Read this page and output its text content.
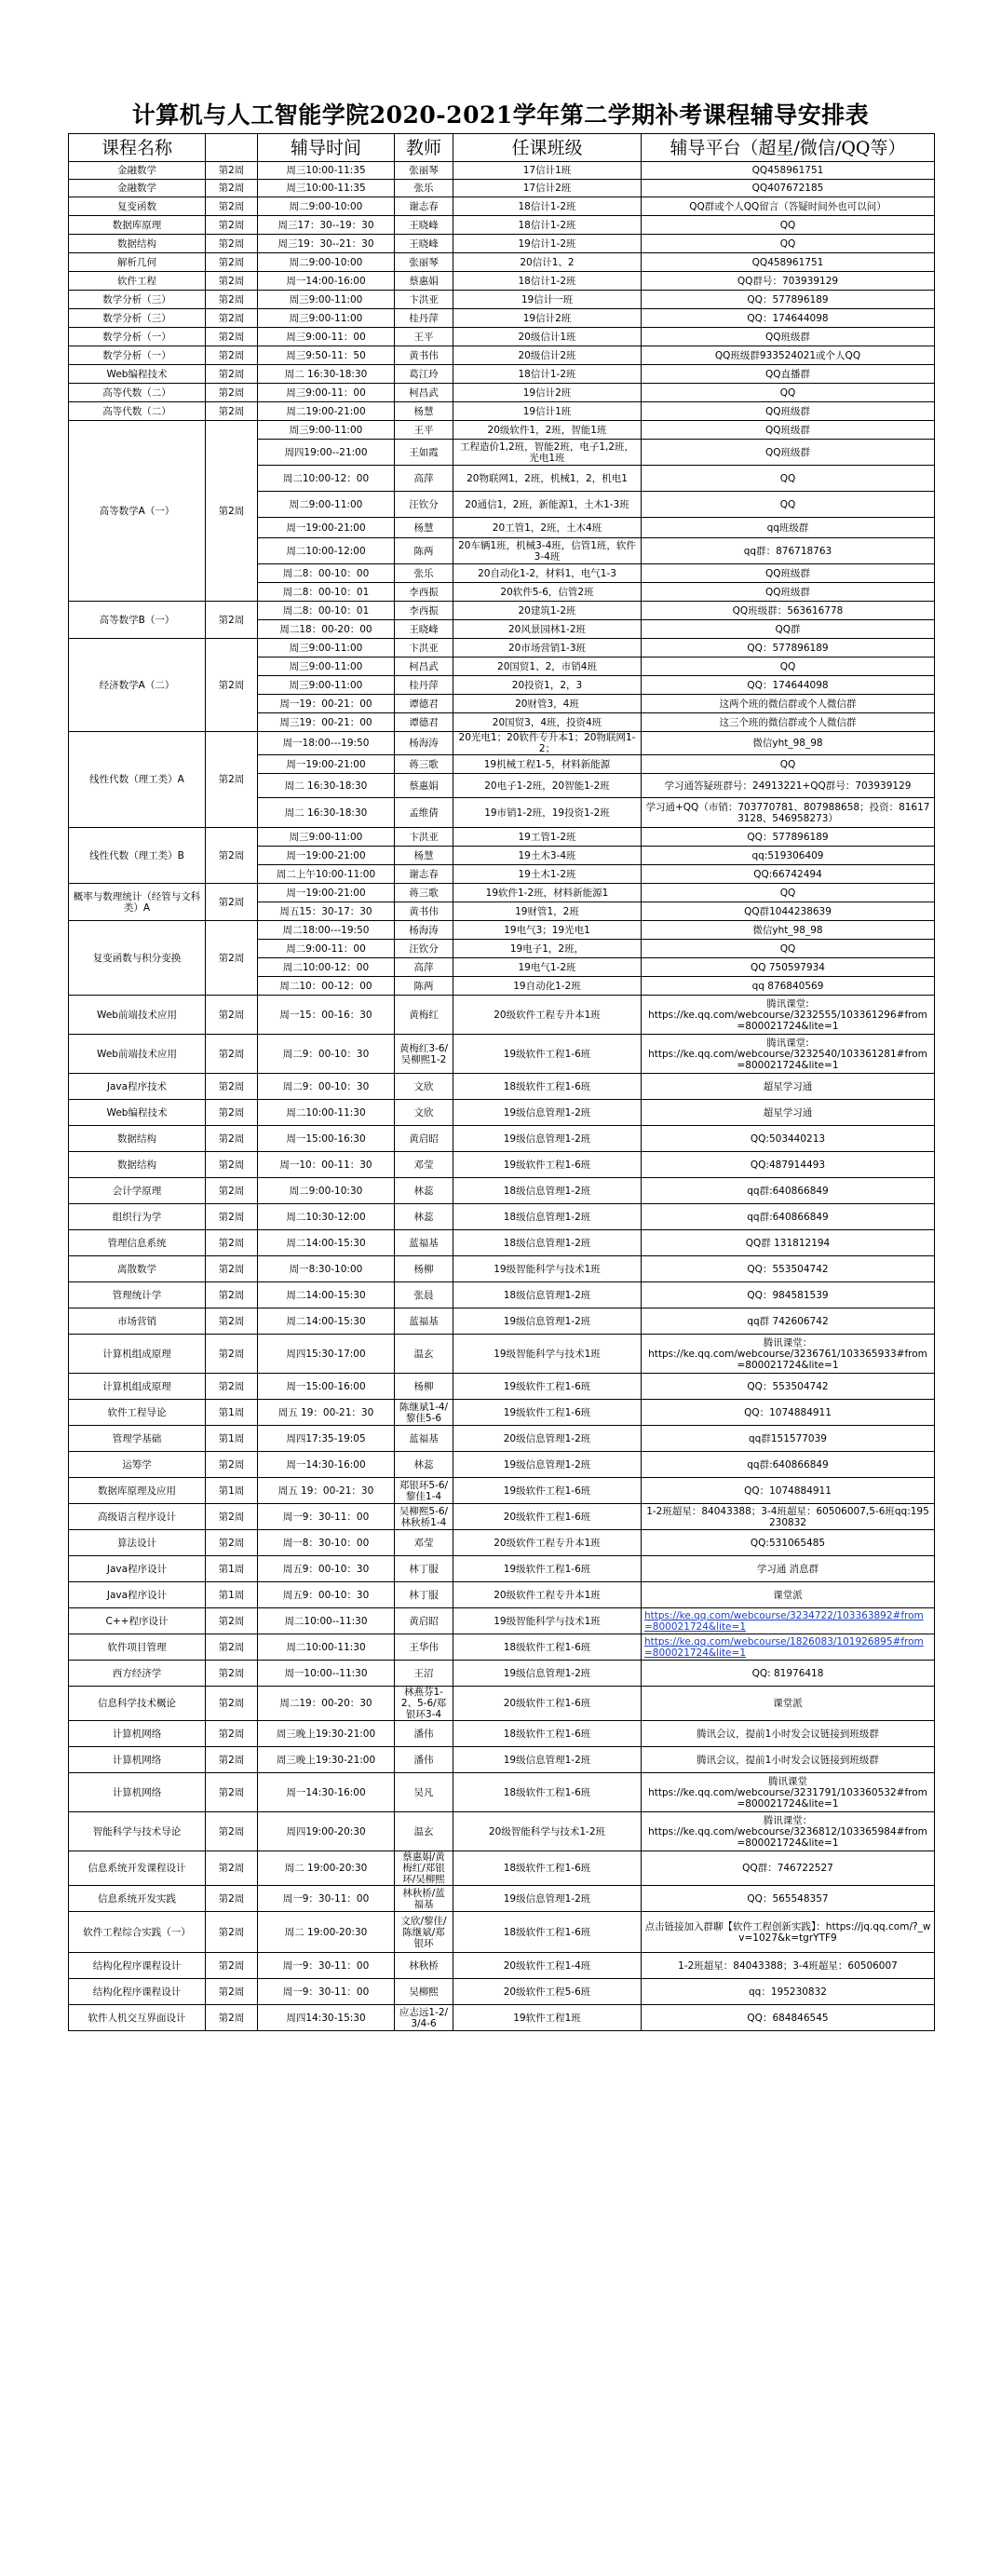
计算机与人工智能学院2020-2021学年第二学期补考课程辅导安排表
课程名称		辅导时间	教师	任课班级	辅导平台（超星/微信/QQ等）
金融数学	第2周	周三10:00-11:35	张丽琴	17信计1班	QQ458961751
金融数学	第2周	周三10:00-11:35	张乐	17信计2班	QQ407672185
复变函数	第2周	周二9:00-10:00	谢志春	18信计1-2班	QQ群或个人QQ留言（答疑时间外也可以问）
数据库原理	第2周	周三17：30--19：30	王晓峰	18信计1-2班	QQ
数据结构	第2周	周三19：30--21：30	王晓峰	19信计1-2班	QQ
解析几何	第2周	周二9:00-10:00	张丽琴	20信计1、2	QQ458961751
软件工程	第2周	周一14:00-16:00	蔡惠娟	18信计1-2班	QQ群号：703939129
数学分析（三）	第2周	周三9:00-11:00	卞洪亚	19信计一班	QQ：577896189
数学分析（三）	第2周	周三9:00-11:00	桂丹萍	19信计2班	QQ：174644098
数学分析（一）	第2周	周三9:00-11：00	王平	20级信计1班	QQ班级群
数学分析（一）	第2周	周三9:50-11：50	黄书伟	20级信计2班	QQ班级群933524021或个人QQ
Web编程技术	第2周	周二 16:30-18:30	葛江玲	18信计1-2班	QQ直播群
高等代数（二）	第2周	周三9:00-11：00	柯昌武	19信计2班	QQ
高等代数（二）	第2周	周二19:00-21:00	杨慧	19信计1班	QQ班级群
高等数学A（一）	第2周	周三9:00-11:00	王平	20级软件1，2班，智能1班	QQ班级群
		周四19:00--21:00	王如霞	工程造价1,2班，智能2班，电子1,2班，光电1班	QQ班级群
		周二10:00-12：00	高萍	20物联网1，2班，机械1，2，机电1	QQ
		周二9:00-11:00	汪钦分	20通信1，2班，新能源1，土木1-3班	QQ
		周一19:00-21:00	杨慧	20工管1，2班，土木4班	qq班级群
		周二10:00-12:00	陈两	20车辆1班，机械3-4班，信管1班，软件3-4班	qq群：876718763
		周二8：00-10：00	张乐	20自动化1-2，材料1，电气1-3	QQ班级群
		周二8：00-10：01	李西振	20软件5-6，信管2班	QQ班级群
高等数学B（一）	第2周	周二8：00-10：01	李西振	20建筑1-2班	QQ班级群：563616778
		周二18：00-20：00	王晓峰	20风景园林1-2班	QQ群
经济数学A（二）	第2周	周三9:00-11:00	卞洪亚	20市场营销1-3班	QQ：577896189
		周三9:00-11:00	柯昌武	20国贸1、2，市销4班	QQ
		周三9:00-11:00	桂丹萍	20投资1，2，3	QQ：174644098
		周一19：00-21：00	谭德君	20财管3，4班	这两个班的微信群或个人微信群
		周三19：00-21：00	谭德君	20国贸3，4班，投资4班	这三个班的微信群或个人微信群
线性代数（理工类）A	第2周	周一18:00---19:50	杨海涛	20光电1；20软件专升本1；20物联网1-2；	微信yht_98_98
		周一19:00-21:00	蒋三歌	19机械工程1-5，材料新能源	QQ
		周二 16:30-18:30	蔡惠娟	20电子1-2班，20智能1-2班	学习通答疑班群号：24913221+QQ群号：703939129
		周二 16:30-18:30	孟维倩	19市销1-2班，19投资1-2班	学习通+QQ（市销：703770781、807988658；投资：816173128、546958273）
线性代数（理工类）B	第2周	周三9:00-11:00	卞洪亚	19工管1-2班	QQ：577896189
		周一19:00-21:00	杨慧	19土木3-4班	qq:519306409
		周二上午10:00-11:00	谢志春	19土木1-2班	QQ:66742494
概率与数理统计（经管与文科类）A	第2周	周一19:00-21:00	蒋三歌	19软件1-2班，材料新能源1	QQ
		周五15：30-17：30	黄书伟	19财管1，2班	QQ群1044238639
复变函数与积分变换	第2周	周二18:00---19:50	杨海涛	19电气3；19光电1	微信yht_98_98
		周二9:00-11：00	汪钦分	19电子1，2班，	QQ
		周二10:00-12：00	高萍	19电气1-2班	QQ 750597934
		周二10：00-12：00	陈两	19自动化1-2班	qq 876840569
Web前端技术应用	第2周	周一15：00-16：30	黄梅红	20级软件工程专升本1班	腾讯课堂:
https://ke.qq.com/webcourse/3232555/103361296#from=800021724&lite=1
Web前端技术应用	第2周	周二9：00-10：30	黄梅红3-6/吴柳熙1-2	19级软件工程1-6班	腾讯课堂:
https://ke.qq.com/webcourse/3232540/103361281#from=800021724&lite=1
Java程序技术	第2周	周二9：00-10：30	文欣	18级软件工程1-6班	超星学习通
Web编程技术	第2周	周二10:00-11:30	文欣	19级信息管理1-2班	超星学习通
数据结构	第2周	周一15:00-16:30	黄启昭	19级信息管理1-2班	QQ:503440213
数据结构	第2周	周一10：00-11：30	邓莹	19级软件工程1-6班	QQ:487914493
会计学原理	第2周	周二9:00-10:30	林蕊	18级信息管理1-2班	qq群:640866849
组织行为学	第2周	周二10:30-12:00	林蕊	18级信息管理1-2班	qq群:640866849
管理信息系统	第2周	周二14:00-15:30	蓝福基	18级信息管理1-2班	QQ群 131812194
离散数学	第2周	周一8:30-10:00	杨柳	19级智能科学与技术1班	QQ：553504742
管理统计学	第2周	周二14:00-15:30	张晨	18级信息管理1-2班	QQ：984581539
市场营销	第2周	周二14:00-15:30	蓝福基	19级信息管理1-2班	qq群 742606742
计算机组成原理	第2周	周四15:30-17:00	温玄	19级智能科学与技术1班	腾讯课堂：
https://ke.qq.com/webcourse/3236761/103365933#from=800021724&lite=1
计算机组成原理	第2周	周一15:00-16:00	杨柳	19级软件工程1-6班	QQ：553504742
软件工程导论	第1周	周五 19：00-21：30	陈继斌1-4/黎佳5-6	19级软件工程1-6班	QQ：1074884911
管理学基础	第1周	周四17:35-19:05	蓝福基	20级信息管理1-2班	qq群151577039
运筹学	第2周	周一14:30-16:00	林蕊	19级信息管理1-2班	qq群:640866849
数据库原理及应用	第1周	周五 19：00-21：30	郑银环5-6/黎佳1-4	19级软件工程1-6班	QQ：1074884911
高级语言程序设计	第2周	周一9：30-11：00	吴柳熙5-6/林秋桥1-4	20级软件工程1-6班	1-2班超星：84043388；3-4班超星：60506007,5-6班qq:195230832
算法设计	第2周	周一8：30-10：00	邓莹	20级软件工程专升本1班	QQ:531065485
Java程序设计	第1周	周五9：00-10：30	林丁服	19级软件工程1-6班	学习通 消息群
Java程序设计	第1周	周五9：00-10：30	林丁服	20级软件工程专升本1班	课堂派
C++程序设计	第2周	周二10:00--11:30	黄启昭	19级智能科学与技术1班	https://ke.qq.com/webcourse/3234722/103363892#from=800021724&lite=1
软件项目管理	第2周	周二10:00-11:30	王华伟	18级软件工程1-6班	https://ke.qq.com/webcourse/1826083/101926895#from=800021724&lite=1
西方经济学	第2周	周一10:00--11:30	王沼	19级信息管理1-2班	QQ: 81976418
信息科学技术概论	第2周	周二19：00-20：30	林燕芬1-2、5-6/郑银环3-4	20级软件工程1-6班	课堂派
计算机网络	第2周	周三晚上19:30-21:00	潘伟	18级软件工程1-6班	腾讯会议，提前1小时发会议链接到班级群
计算机网络	第2周	周三晚上19:30-21:00	潘伟	19级信息管理1-2班	腾讯会议，提前1小时发会议链接到班级群
计算机网络	第2周	周一14:30-16:00	吴凡	18级软件工程1-6班	腾讯课堂
https://ke.qq.com/webcourse/3231791/103360532#from=800021724&lite=1
智能科学与技术导论	第2周	周四19:00-20:30	温玄	20级智能科学与技术1-2班	腾讯课堂：
https://ke.qq.com/webcourse/3236812/103365984#from=800021724&lite=1
信息系统开发课程设计	第2周	周二 19:00-20:30	蔡惠娟/黄梅红/郑银环/吴柳熙	18级软件工程1-6班	QQ群：746722527
信息系统开发实践	第2周	周一9：30-11：00	林秋桥/蓝福基	19级信息管理1-2班	QQ：565548357
软件工程综合实践（一）	第2周	周二 19:00-20:30	文欣/黎佳/陈继斌/郑银环	18级软件工程1-6班	点击链接加入群聊【软件工程创新实践】：https://jq.qq.com/?_wv=1027&k=tgrYTF9
结构化程序课程设计	第2周	周一9：30-11：00	林秋桥	20级软件工程1-4班	1-2班超星：84043388；3-4班超星：60506007
结构化程序课程设计	第2周	周一9：30-11：00	吴柳熙	20级软件工程5-6班	qq：195230832
软件人机交互界面设计	第2周	周四14:30-15:30	应志远1-2/3/4-6	19软件工程1班	QQ：684846545
